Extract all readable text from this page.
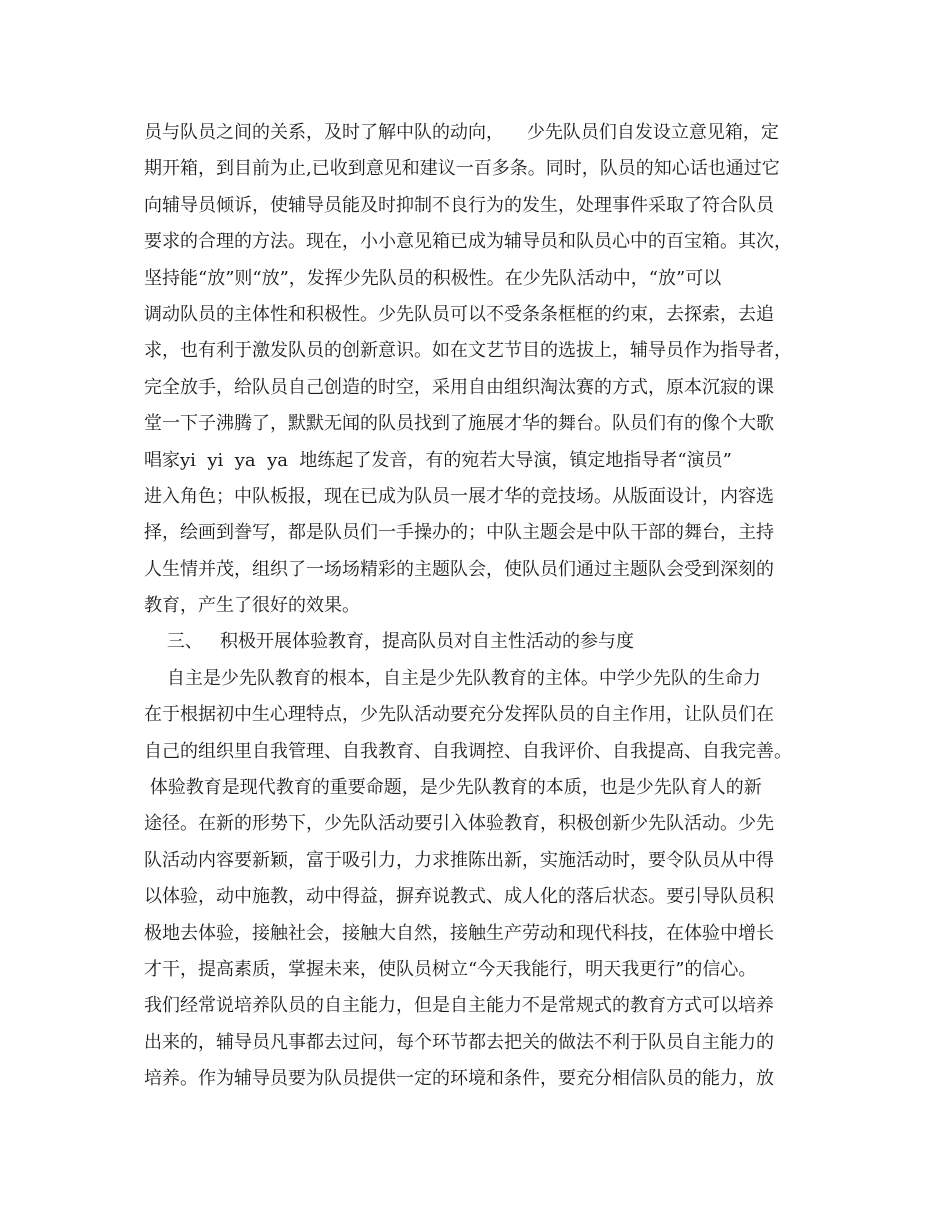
员与队员之间的关系，及时了解中队的动向，    少先队员们自发设立意见箱，定
期开箱，到目前为止,已收到意见和建议一百多条。同时，队员的知心话也通过它
向辅导员倾诉，使辅导员能及时抑制不良行为的发生，处理事件采取了符合队员
要求的合理的方法。现在，小小意见箱已成为辅导员和队员心中的百宝箱。其次，
坚持能“放”则“放”，发挥少先队员的积极性。在少先队活动中，“放”可以
调动队员的主体性和积极性。少先队员可以不受条条框框的约束，去探索，去追
求，也有利于激发队员的创新意识。如在文艺节目的选拔上，辅导员作为指导者，
完全放手，给队员自己创造的时空，采用自由组织淘汰赛的方式，原本沉寂的课
堂一下子沸腾了，默默无闻的队员找到了施展才华的舞台。队员们有的像个大歌
唱家yi  yi  ya  ya  地练起了发音，有的宛若大导演，镇定地指导者“演员”
进入角色；中队板报，现在已成为队员一展才华的竞技场。从版面设计，内容选
择，绘画到誊写，都是队员们一手操办的；中队主题会是中队干部的舞台，主持
人生情并茂，组织了一场场精彩的主题队会，使队员们通过主题队会受到深刻的
教育，产生了很好的效果。
三、   积极开展体验教育，提高队员对自主性活动的参与度
自主是少先队教育的根本，自主是少先队教育的主体。中学少先队的生命力
在于根据初中生心理特点，少先队活动要充分发挥队员的自主作用，让队员们在
自己的组织里自我管理、自我教育、自我调控、自我评价、自我提高、自我完善。
体验教育是现代教育的重要命题，是少先队教育的本质，也是少先队育人的新
途径。在新的形势下，少先队活动要引入体验教育，积极创新少先队活动。少先
队活动内容要新颖，富于吸引力，力求推陈出新，实施活动时，要令队员从中得
以体验，动中施教，动中得益，摒弃说教式、成人化的落后状态。要引导队员积
极地去体验，接触社会，接触大自然，接触生产劳动和现代科技，在体验中增长
才干，提高素质，掌握未来，使队员树立“今天我能行，明天我更行”的信心。
我们经常说培养队员的自主能力，但是自主能力不是常规式的教育方式可以培养
出来的，辅导员凡事都去过问，每个环节都去把关的做法不利于队员自主能力的
培养。作为辅导员要为队员提供一定的环境和条件，要充分相信队员的能力，放
